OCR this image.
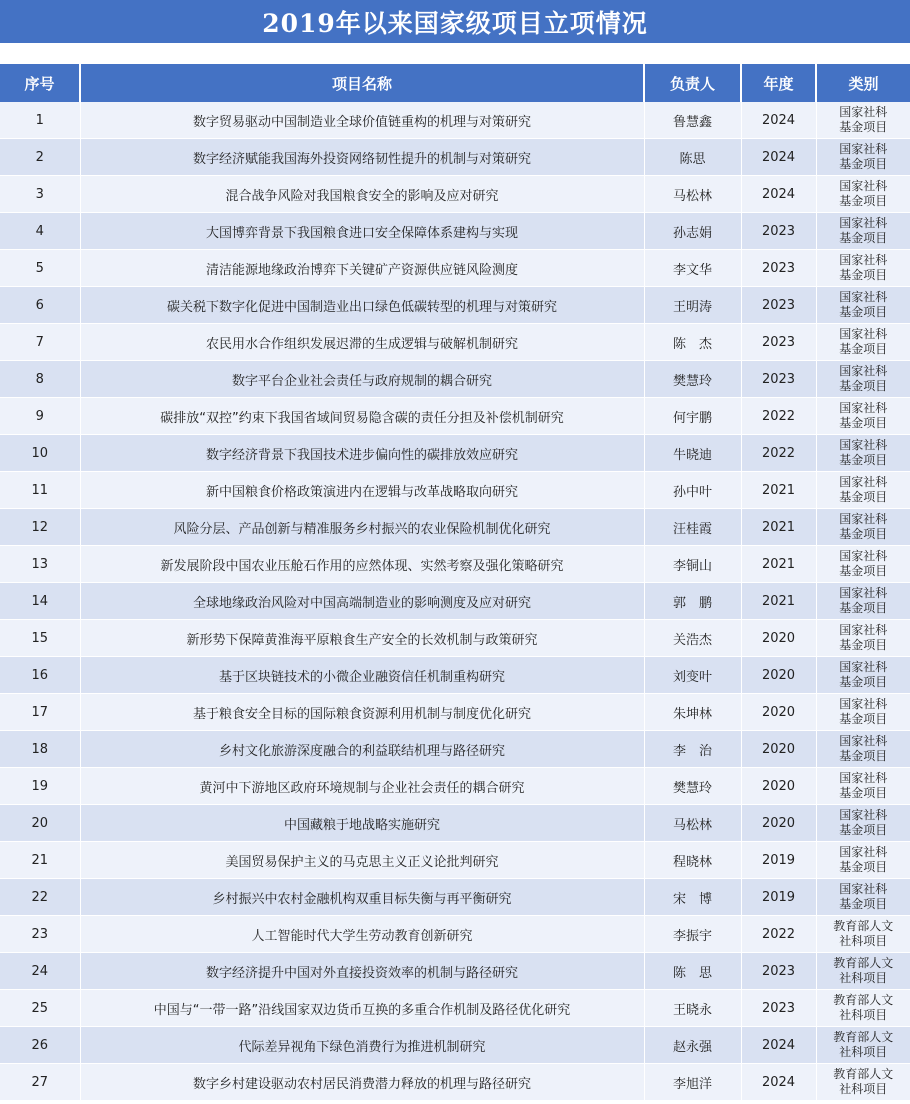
2019年以来国家级项目立项情况
序号	项目名称	负责人	年度	类别
1	数字贸易驱动中国制造业全球价值链重构的机理与对策研究	鲁慧鑫	2024	国家社科
基金项目

2	数字经济赋能我国海外投资网络韧性提升的机制与对策研究	陈思	2024	国家社科
基金项目

3	混合战争风险对我国粮食安全的影响及应对研究	马松林	2024	国家社科
基金项目

4	大国博弈背景下我国粮食进口安全保障体系建构与实现	孙志娟	2023	国家社科
基金项目

5	清洁能源地缘政治博弈下关键矿产资源供应链风险测度	李文华	2023	国家社科
基金项目

6	碳关税下数字化促进中国制造业出口绿色低碳转型的机理与对策研究	王明涛	2023	国家社科
基金项目

7	农民用水合作组织发展迟滞的生成逻辑与破解机制研究	陈　杰	2023	国家社科
基金项目

8	数字平台企业社会责任与政府规制的耦合研究	樊慧玲	2023	国家社科
基金项目

9	碳排放“双控”约束下我国省域间贸易隐含碳的责任分担及补偿机制研究	何宇鹏	2022	国家社科
基金项目

10	数字经济背景下我国技术进步偏向性的碳排放效应研究	牛晓迪	2022	国家社科
基金项目

11	新中国粮食价格政策演进内在逻辑与改革战略取向研究	孙中叶	2021	国家社科
基金项目

12	风险分层、产品创新与精准服务乡村振兴的农业保险机制优化研究	汪桂霞	2021	国家社科
基金项目

13	新发展阶段中国农业压舱石作用的应然体现、实然考察及强化策略研究	李铜山	2021	国家社科
基金项目

14	全球地缘政治风险对中国高端制造业的影响测度及应对研究	郭　鹏	2021	国家社科
基金项目

15	新形势下保障黄淮海平原粮食生产安全的长效机制与政策研究	关浩杰	2020	国家社科
基金项目

16	基于区块链技术的小微企业融资信任机制重构研究	刘变叶	2020	国家社科
基金项目

17	基于粮食安全目标的国际粮食资源利用机制与制度优化研究	朱坤林	2020	国家社科
基金项目

18	乡村文化旅游深度融合的利益联结机理与路径研究	李　治	2020	国家社科
基金项目

19	黄河中下游地区政府环境规制与企业社会责任的耦合研究	樊慧玲	2020	国家社科
基金项目

20	中国藏粮于地战略实施研究	马松林	2020	国家社科
基金项目

21	美国贸易保护主义的马克思主义正义论批判研究	程晓林	2019	国家社科
基金项目

22	乡村振兴中农村金融机构双重目标失衡与再平衡研究	宋　博	2019	国家社科
基金项目

23	人工智能时代大学生劳动教育创新研究	李振宇	2022	教育部人文
社科项目

24	数字经济提升中国对外直接投资效率的机制与路径研究	陈　思	2023	教育部人文
社科项目

25	中国与“一带一路”沿线国家双边货币互换的多重合作机制及路径优化研究	王晓永	2023	教育部人文
社科项目

26	代际差异视角下绿色消费行为推进机制研究	赵永强	2024	教育部人文
社科项目

27	数字乡村建设驱动农村居民消费潜力释放的机理与路径研究	李旭洋	2024	教育部人文
社科项目
